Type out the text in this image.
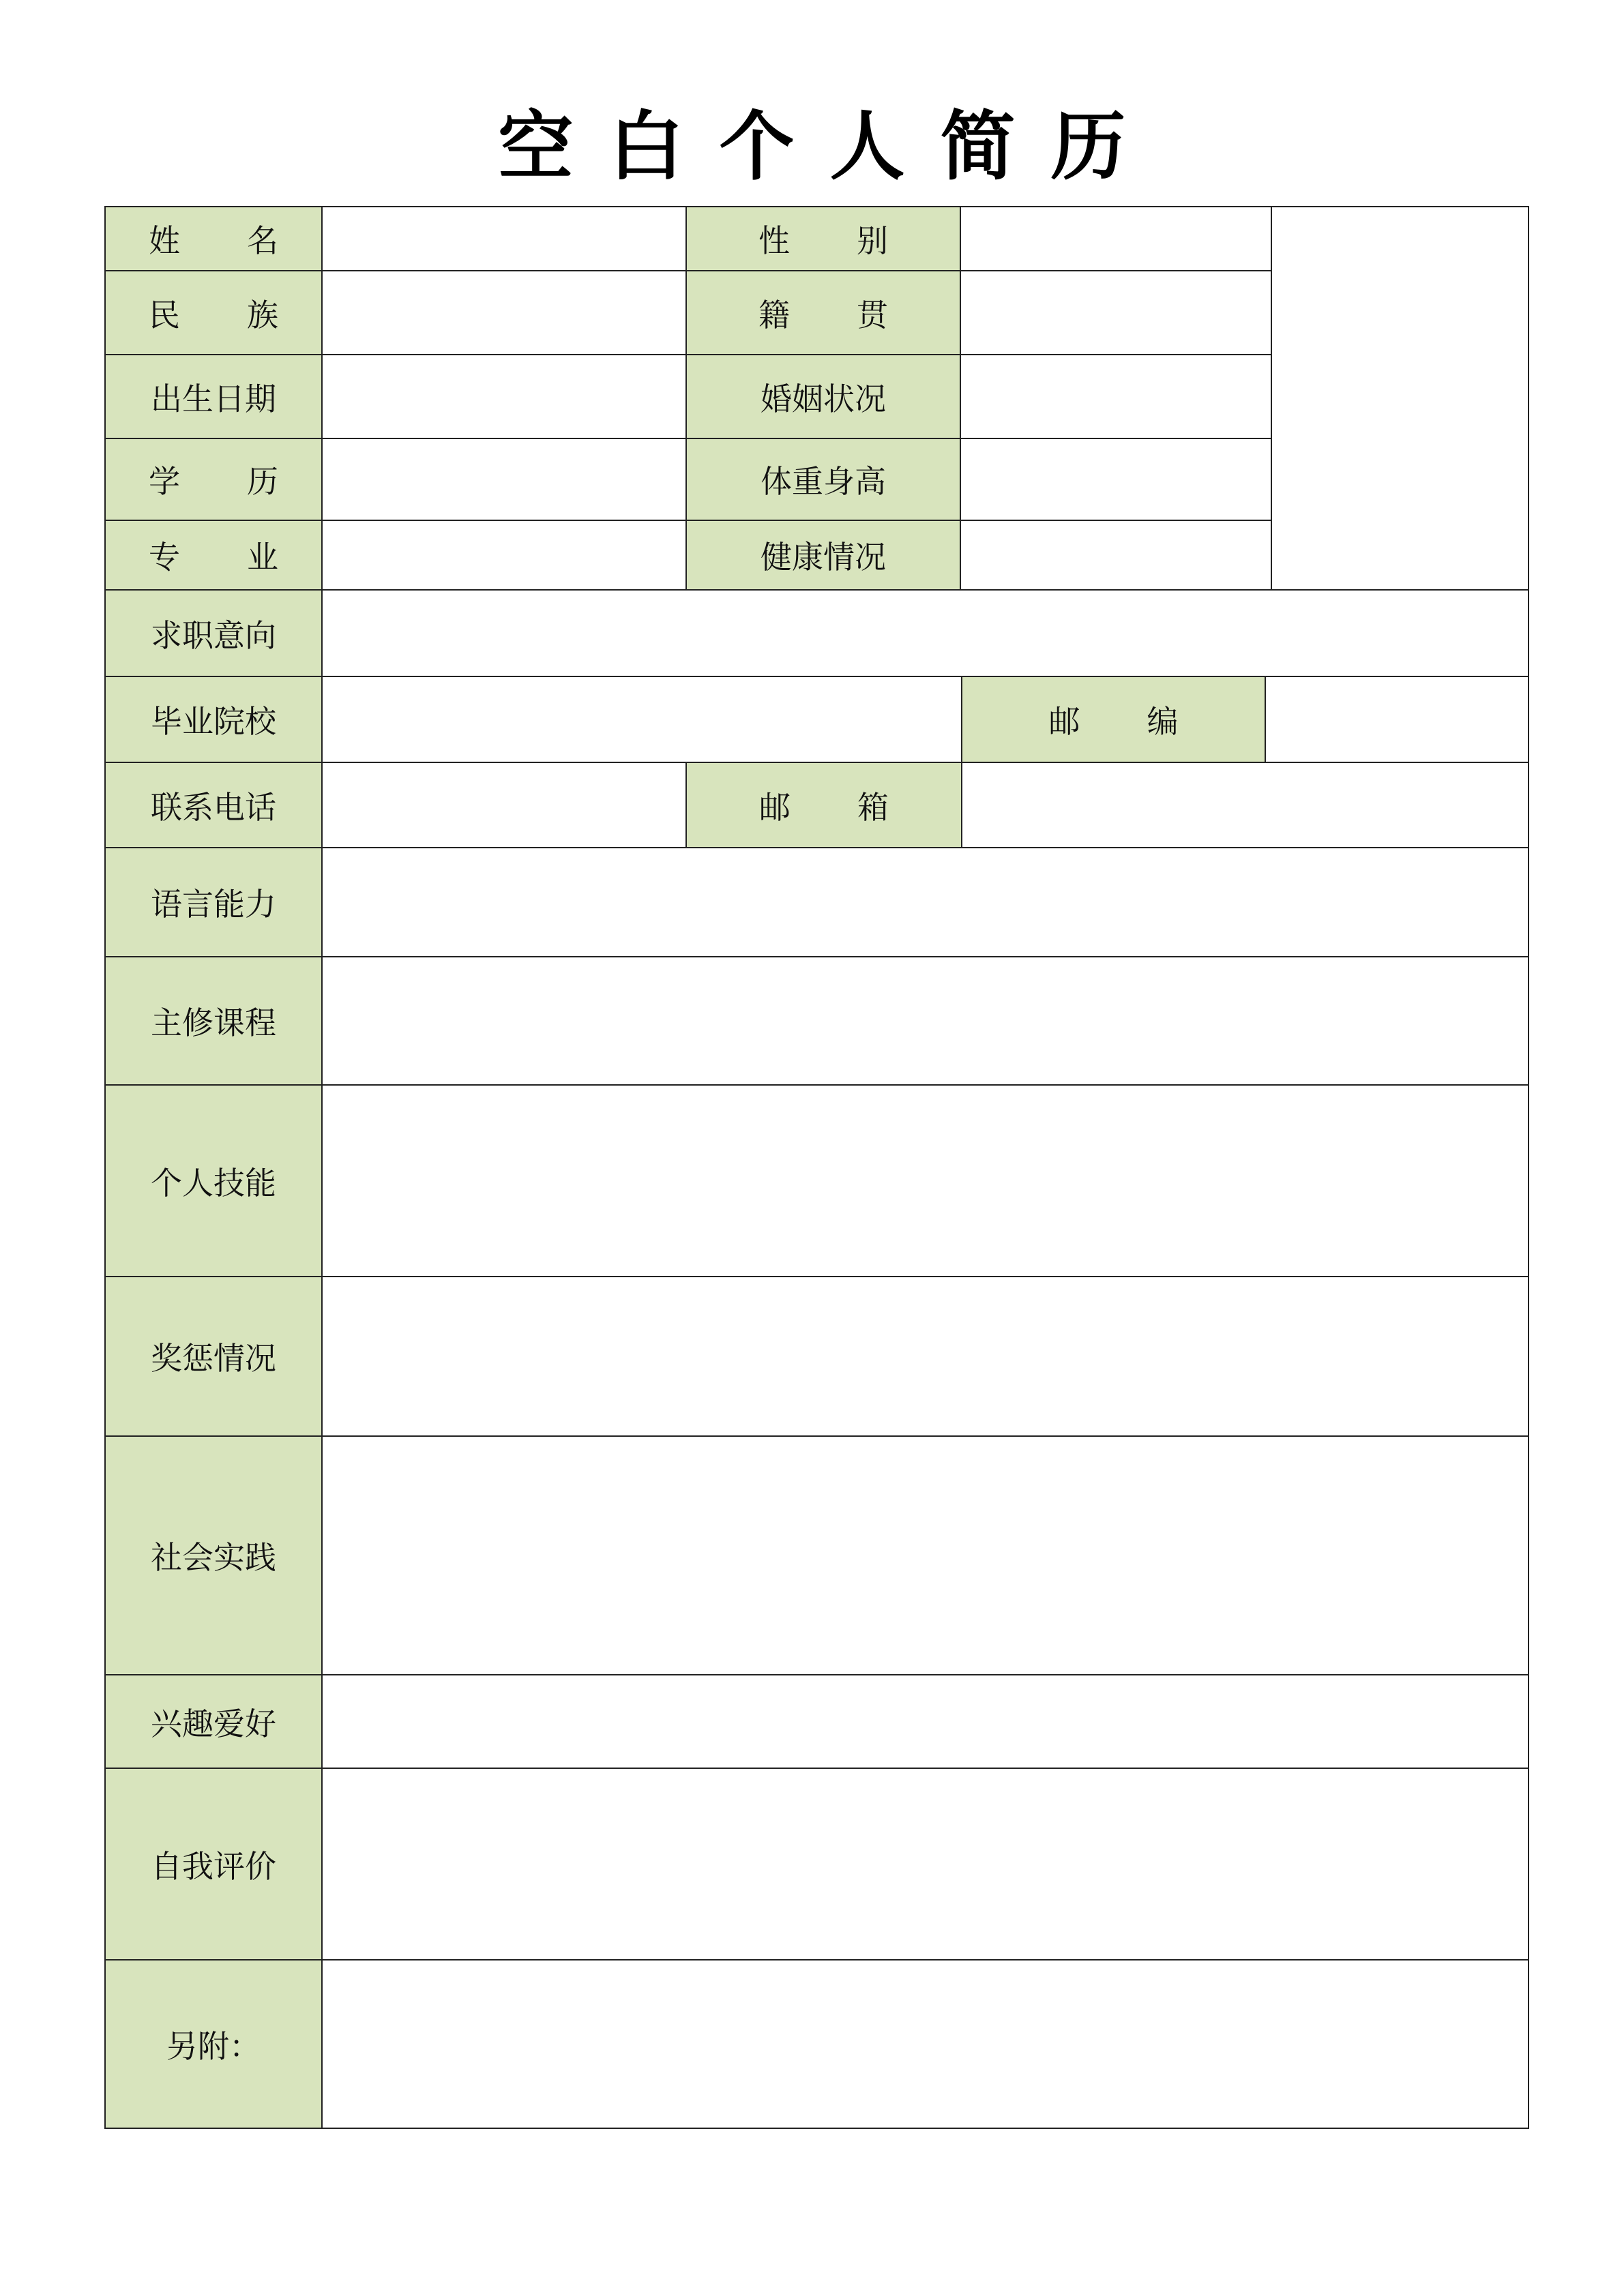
空 白 个 人 简 历
姓 名	性 别
民 族	籍 贯
出生日期	婚姻状况
学 历	体重身高
专 业	健康情况
求职意向
毕业院校	邮 编
联系电话	邮 箱
语言能力
主修课程
个人技能
奖惩情况
社会实践
兴趣爱好
自我评价
另附：
